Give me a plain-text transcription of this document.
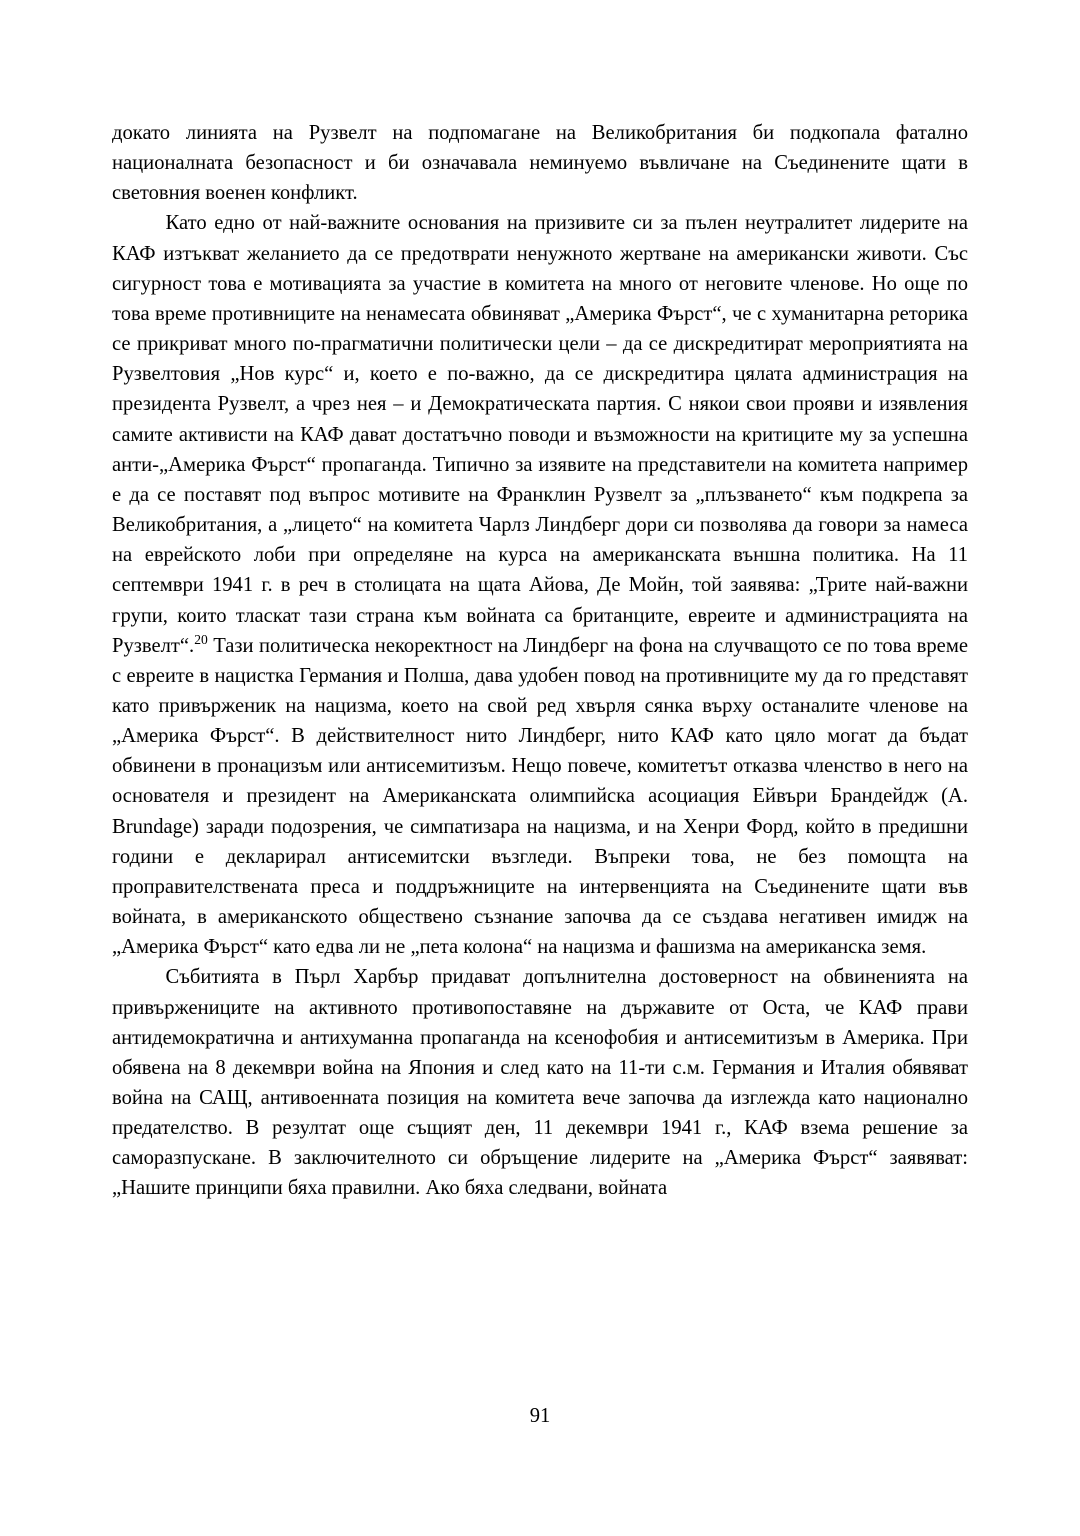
докато линията на Рузвелт на подпомагане на Великобритания би подкопала фатално националната безопасност и би означавала неминуемо въвличане на Съединените щати в световния военен конфликт.

Като едно от най-важните основания на призивите си за пълен неутралитет лидерите на КАФ изтъкват желанието да се предотврати ненужното жертване на американски животи. Със сигурност това е мотивацията за участие в комитета на много от неговите членове. Но още по това време противниците на ненамесата обвиняват „Америка Фърст“, че с хуманитарна реторика се прикриват много по-прагматични политически цели – да се дискредитират мероприятията на Рузвелтовия „Нов курс“ и, което е по-важно, да се дискредитира цялата администрация на президента Рузвелт, а чрез нея – и Демократическата партия. С някои свои прояви и изявления самите активисти на КАФ дават достатъчно поводи и възможности на критиците му за успешна анти-„Америка Фърст“ пропаганда. Типично за изявите на представители на комитета например е да се поставят под въпрос мотивите на Франклин Рузвелт за „плъзването“ към подкрепа за Великобритания, а „лицето“ на комитета Чарлз Линдберг дори си позволява да говори за намеса на еврейското лоби при определяне на курса на американската външна политика. На 11 септември 1941 г. в реч в столицата на щата Айова, Де Мойн, той заявява: „Трите най-важни групи, които тласкат тази страна към войната са британците, евреите и администрацията на Рузвелт“.$^{20}$ Тази политическа некоректност на Линдберг на фона на случващото се по това време с евреите в нацистка Германия и Полша, дава удобен повод на противниците му да го представят като привърженик на нацизма, което на свой ред хвърля сянка върху останалите членове на „Америка Фърст“. В действителност нито Линдберг, нито КАФ като цяло могат да бъдат обвинени в пронацизъм или антисемитизъм. Нещо повече, комитетът отказва членство в него на основателя и президент на Американската олимпийска асоциация Ейвъри Брандейдж (A. Brundage) заради подозрения, че симпатизара на нацизма, и на Хенри Форд, който в предишни години е декларирал антисемитски възгледи. Въпреки това, не без помощта на проправителствената преса и поддръжниците на интервенцията на Съединените щати във войната, в американското обществено съзнание започва да се създава негативен имидж на „Америка Фърст“ като едва ли не „пета колона“ на нацизма и фашизма на американска земя.

Събитията в Пърл Харбър придават допълнителна достоверност на обвиненията на привържениците на активното противопоставяне на държавите от Оста, че КАФ прави антидемократична и антихуманна пропаганда на ксенофобия и антисемитизъм в Америка. При обявена на 8 декември война на Япония и след като на 11-ти с.м. Германия и Италия обявяват война на САЩ, антивоенната позиция на комитета вече започва да изглежда като национално предателство. В резултат още същият ден, 11 декември 1941 г., КАФ взема решение за саморазпускане. В заключителното си обръщение лидерите на „Америка Фърст“ заявяват: „Нашите принципи бяха правилни. Ако бяха следвани, войната

91
